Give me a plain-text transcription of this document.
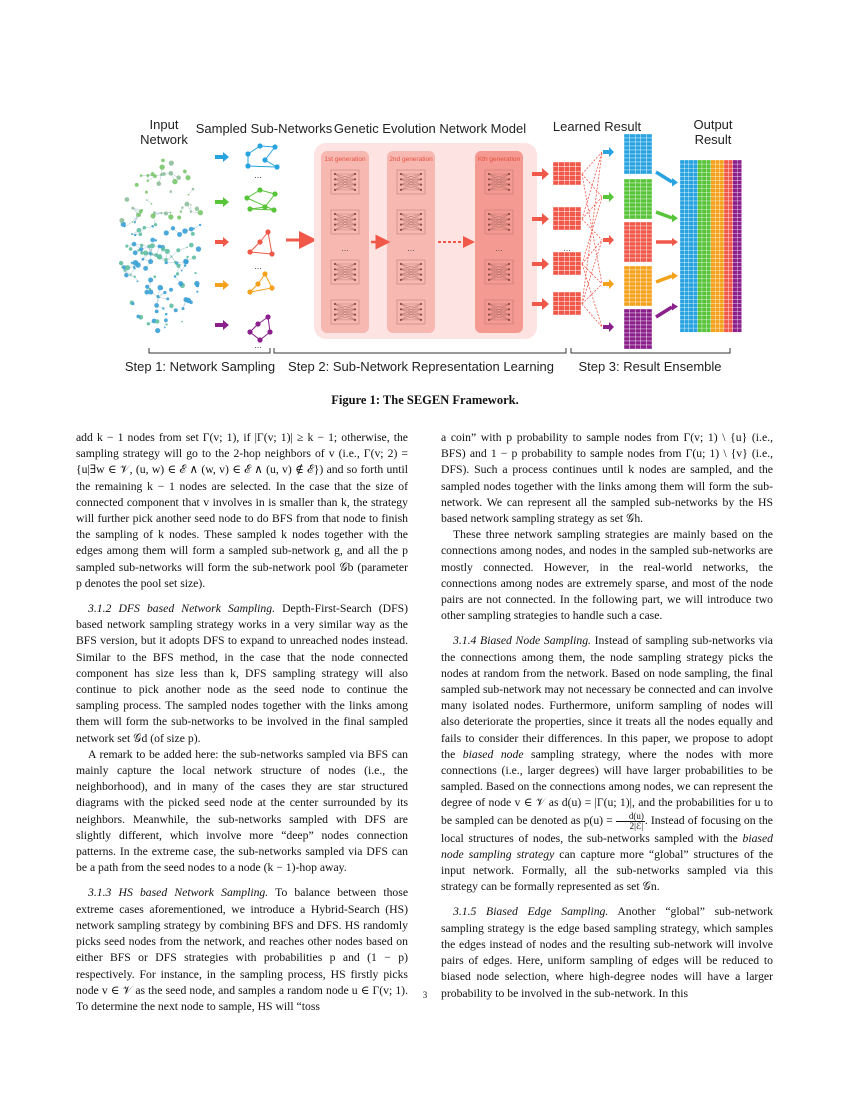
Input
Network
Sampled Sub-Networks Genetic Evolution Network Model Learned Result	Output
Result
...
...
...
1st generation	2nd generation	Kth generation
...	...	...	...
Step 1: Network Sampling Step 2: Sub-Network Representation Learning Step 3: Result Ensemble
Figure 1: The SEGEN Framework.

add k − 1 nodes from set Γ(v; 1), if |Γ(v; 1)| ≥ k − 1; otherwise, the sampling strategy will go to the 2-hop neighbors of v (i.e., Γ(v; 2) = {u|∃w ∈ 𝒱, (u, w) ∈ ℰ ∧ (w, v) ∈ ℰ ∧ (u, v) ∉ ℰ}) and so forth until the remaining k − 1 nodes are selected. In the case that the size of connected component that v involves in is smaller than k, the strategy will further pick another seed node to do BFS from that node to finish the sampling of k nodes. These sampled k nodes together with the edges among them will form a sampled sub-network g, and all the p sampled sub-networks will form the sub-network pool 𝒢b (parameter p denotes the pool set size).

3.1.2 DFS based Network Sampling. Depth-First-Search (DFS) based network sampling strategy works in a very similar way as the BFS version, but it adopts DFS to expand to unreached nodes instead. Similar to the BFS method, in the case that the node connected component has size less than k, DFS sampling strategy will also continue to pick another node as the seed node to continue the sampling process. The sampled nodes together with the links among them will form the sub-networks to be involved in the final sampled network set 𝒢d (of size p).

A remark to be added here: the sub-networks sampled via BFS can mainly capture the local network structure of nodes (i.e., the neighborhood), and in many of the cases they are star structured diagrams with the picked seed node at the center surrounded by its neighbors. Meanwhile, the sub-networks sampled with DFS are slightly different, which involve more “deep” nodes connection patterns. In the extreme case, the sub-networks sampled via DFS can be a path from the seed nodes to a node (k − 1)-hop away.

3.1.3 HS based Network Sampling. To balance between those extreme cases aforementioned, we introduce a Hybrid-Search (HS) network sampling strategy by combining BFS and DFS. HS randomly picks seed nodes from the network, and reaches other nodes based on either BFS or DFS strategies with probabilities p and (1 − p) respectively. For instance, in the sampling process, HS firstly picks node v ∈ 𝒱 as the seed node, and samples a random node u ∈ Γ(v; 1). To determine the next node to sample, HS will “toss

a coin” with p probability to sample nodes from Γ(v; 1) \ {u} (i.e., BFS) and 1 − p probability to sample nodes from Γ(u; 1) \ {v} (i.e., DFS). Such a process continues until k nodes are sampled, and the sampled nodes together with the links among them will form the sub-network. We can represent all the sampled sub-networks by the HS based network sampling strategy as set 𝒢h.

These three network sampling strategies are mainly based on the connections among nodes, and nodes in the sampled sub-networks are mostly connected. However, in the real-world networks, the connections among nodes are extremely sparse, and most of the node pairs are not connected. In the following part, we will introduce two other sampling strategies to handle such a case.

3.1.4 Biased Node Sampling. Instead of sampling sub-networks via the connections among them, the node sampling strategy picks the nodes at random from the network. Based on node sampling, the final sampled sub-network may not necessary be connected and can involve many isolated nodes. Furthermore, uniform sampling of nodes will also deteriorate the properties, since it treats all the nodes equally and fails to consider their differences. In this paper, we propose to adopt the biased node sampling strategy, where the nodes with more connections (i.e., larger degrees) will have larger probabilities to be sampled. Based on the connections among nodes, we can represent the degree of node v ∈ 𝒱 as d(u) = |Γ(u; 1)|, and the probabilities for u to be sampled can be denoted as $p(u) = \frac{d(u)}{\text{2|ℰ|}}$ . Instead of focusing on the local structures of nodes, the sub-networks sampled with the biased node sampling strategy can capture more “global” structures of the input network. Formally, all the sub-networks sampled via this strategy can be formally represented as set 𝒢n.

3.1.5 Biased Edge Sampling. Another “global” sub-network sampling strategy is the edge based sampling strategy, which samples the edges instead of nodes and the resulting sub-network will involve pairs of edges. Here, uniform sampling of edges will be reduced to biased node selection, where high-degree nodes will have a larger probability to be involved in the sub-network. In this

3
